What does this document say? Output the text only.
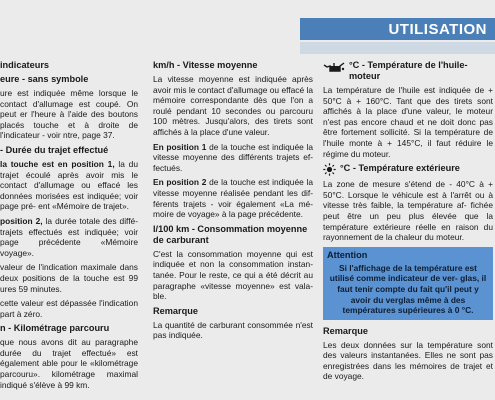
UTILISATION
indicateurs
eure - sans symbole

ure est indiquée même lorsque le contact d'allumage est coupé. On peut er l'heure à l'aide des boutons placés touche et à droite de l'indicateur - voir ntre, page 37.

- Durée du trajet effectué

la touche est en position 1, la du trajet écoulé après avoir mis le contact d'allumage ou effacé les données morisées est indiquée; voir page pré- ent «Mémoire de trajet».

position 2, la durée totale des diffé- trajets effectués est indiquée; voir page précédente «Mémoire voyage».

valeur de l'indication maximale dans deux positions de la touche est 99 ures 59 minutes.

cette valeur est dépassée l'indication part à zéro.

n - Kilométrage parcouru

que nous avons dit au paragraphe durée du trajet effectué» est également able pour le «kilométrage parcouru». kilométrage maximal indiqué s'élève à 99 km.

km/h - Vitesse moyenne

La vitesse moyenne est indiquée après avoir mis le contact d'allumage ou effacé la mémoire correspondante dès que l'on a roulé pendant 10 secondes ou parcouru 100 mètres. Jusqu'alors, des tirets sont affichés à la place d'une valeur.

En position 1 de la touche est indiquée la vitesse moyenne des différents trajets ef- fectués.

En position 2 de la touche est indiquée la vitesse moyenne réalisée pendant les dif- férents trajets - voir également «La mé- moire de voyage» à la page précédente.

l/100 km - Consommation moyenne de carburant

C'est la consommation moyenne qui est indiquée et non la consommation instan- tanée. Pour le reste, ce qui a été décrit au paragraphe «vitesse moyenne» est vala- ble.

Remarque

La quantité de carburant consommée n'est pas indiquée.

°C - Température de l'huile- moteur

La température de l'huile est indiquée de + 50°C à + 160°C. Tant que des tirets sont affichés à la place d'une valeur, le moteur n'est pas encore chaud et ne doit donc pas être fortement sollicité. Si la température de l'huile monte à + 145°C, il faut réduire le régime du moteur.

°C - Température extérieure

La zone de mesure s'étend de - 40°C à + 50°C. Lorsque le véhicule est à l'arrêt ou à vitesse très faible, la température af- fichée peut être un peu plus élevée que la température extérieure réelle en raison du rayonnement de la chaleur du moteur.

Attention

Si l'affichage de la température est utilisé comme indicateur de ver- glas, il faut tenir compte du fait qu'il peut y avoir du verglas même à des températures supérieures à 0 °C.

Remarque

Les deux données sur la température sont des valeurs instantanées. Elles ne sont pas enregistrées dans les mémoires de trajet et de voyage.
